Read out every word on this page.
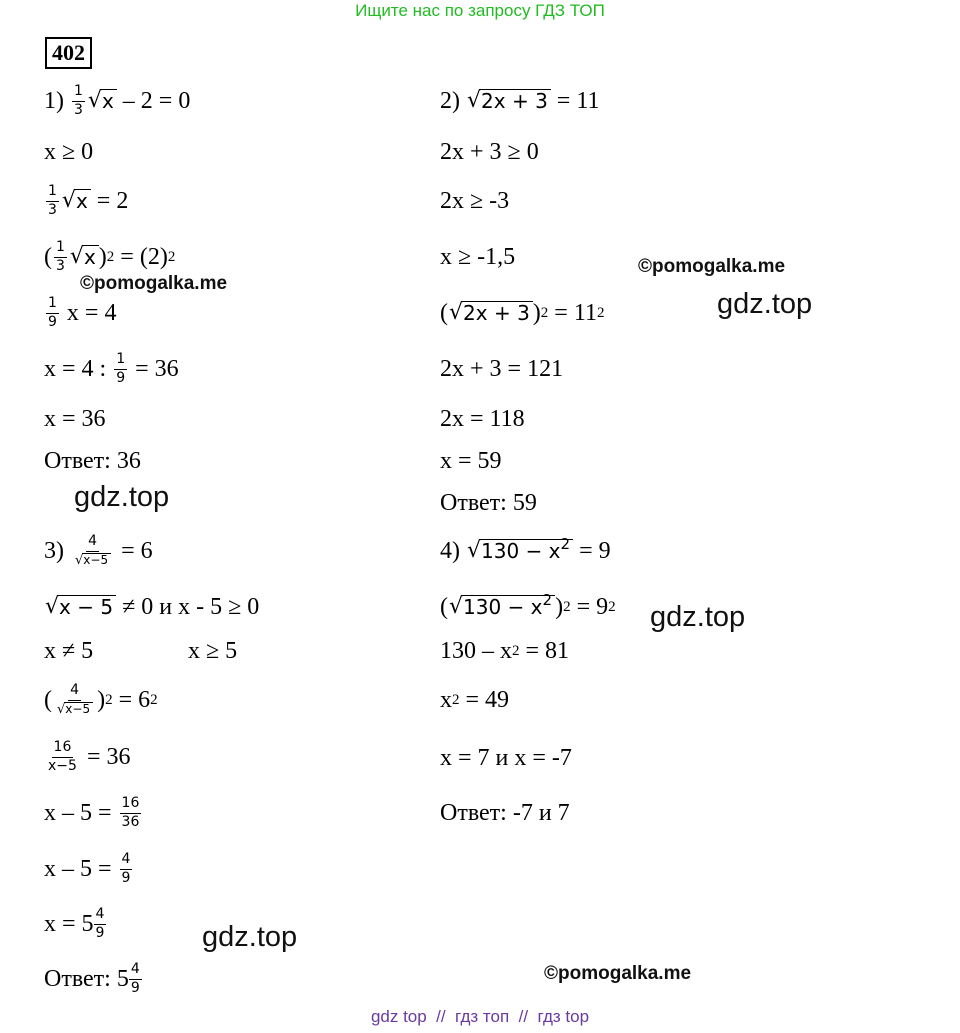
Ищите нас по запросу ГДЗ ТОП
402
1)
$\frac{1}{3}$ √ x – 2 = 0
x ≥ 0
$\frac{1}{3}$ √ x = 2
( $\frac{1}{3}$ √ x ) 2 = (2) 2
$\frac{1}{9}$ x = 4
x = 4 : $\frac{1}{9} = 36$
x = 36
Ответ: 36
2)
√ 2x + 3 = 11
2x + 3 ≥ 0
2x ≥ -3
x ≥ -1,5
( √ 2x + 3 ) 2 = 11 2
2x + 3 = 121
2x = 118
x = 59
Ответ: 59
3)
$\frac{4}{√x-5} = 6$
√ x − 5 ≠ 0 и x - 5 ≥ 0
x ≠ 5	x ≥ 5
( $\frac{4}{√x-5}$ ) 2 = 6 2
$\frac{16}{x-5} = 36$
$x - 5 = \frac{16}{36}$
$x - 5 = \frac{4}{9}$
$x = 5 \frac{4}{9}$
Ответ: $5 \frac{4}{9}$
4)
√ $130 - x^2 = 9$
( √ $130 - x^2$ ) 2 = 9 2
130 – x 2 = 81
x 2 = 49
x = 7 и x = -7
Ответ: -7 и 7
©pomogalka.me
©pomogalka.me
gdz.top
gdz.top
gdz.top
gdz.top
©pomogalka.me
gdz top  //  гдз топ  //  гдз top
